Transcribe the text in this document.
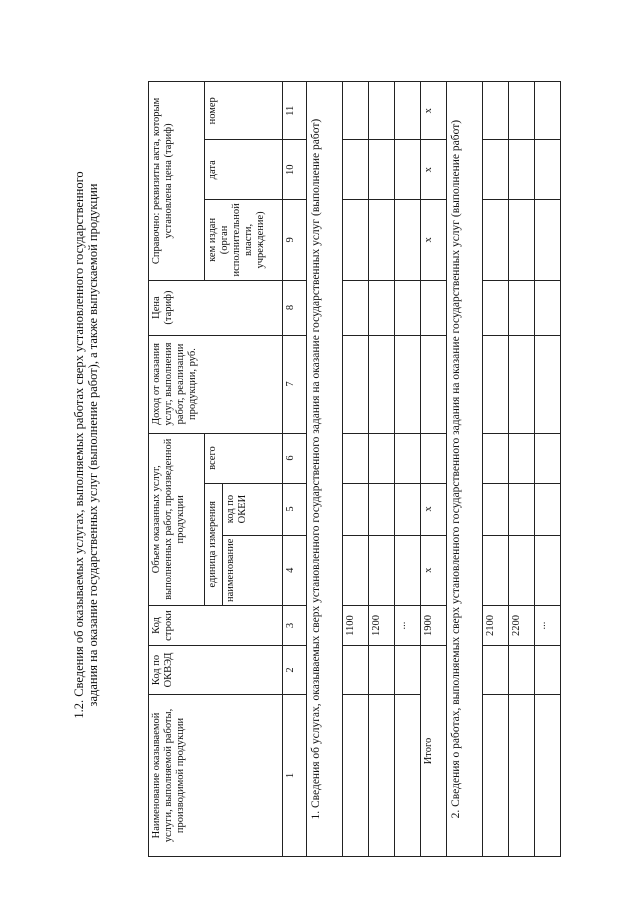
1.2. Сведения об оказываемых услугах, выполняемых работах сверх установленного государственного задания на оказание государственных услуг (выполнение работ), а также выпускаемой продукции
Наименование оказываемой услуги, выполняемой работы, производимой продукции	Код по ОКВЭД	Код строки	Объем оказанных услуг, выполненных работ, произведенной продукции			Доход от оказания услуг, выполнения работ, реализации продукции, руб.	Цена (тариф)	Справочно: реквизиты акта, которым установлена цена (тариф)		
			единица измерения		всего			кем издан (орган исполнительной власти, учреждение)	дата	номер
			наименование	код по ОКЕИ						
1	2	3	4	5	6	7	8	9	10	11
1. Сведения об услугах, оказываемых сверх установленного государственного задания на оказание государственных услуг (выполнение работ)										
		1100								
		1200								
		...								
Итого		1900	x	x				x	x	x
2. Сведения о работах, выполняемых сверх установленного государственного задания на оказание государственных услуг (выполнение работ)										
		2100								
		2200								
		...								
